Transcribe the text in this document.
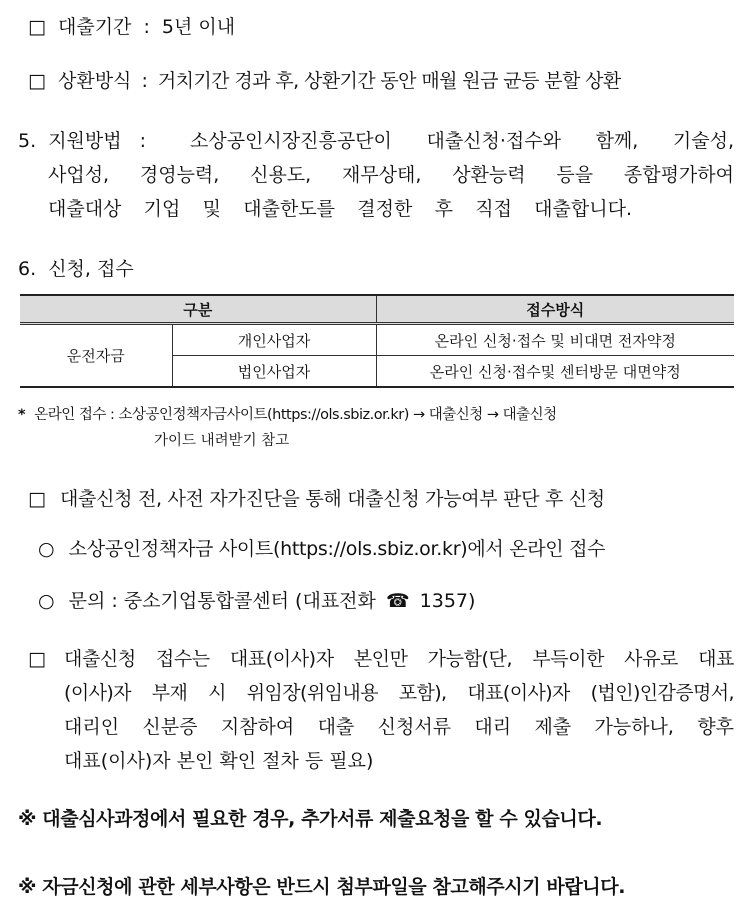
□ 대출기간 : 5년 이내
□ 상환방식 : 거치기간 경과 후, 상환기간 동안 매월 원금 균등 분할 상환
5. 지원방법 :	소상공인시장진흥공단이 대출신청·접수와 함께, 기술성,
사업성, 경영능력, 신용도, 재무상태, 상환능력 등을 종합평가하여
대출대상 기업 및 대출한도를 결정한 후 직접 대출합니다.
6. 신청, 접수
구분		접수방식
운전자금	개인사업자	온라인 신청·접수 및 비대면 전자약정
	법인사업자	온라인 신청·접수및 센터방문 대면약정
* 온라인 접수 : 소상공인정책자금사이트(https://ols.sbiz.or.kr) → 대출신청 → 대출신청
가이드 내려받기 참고
□ 대출신청 전, 사전 자가진단을 통해 대출신청 가능여부 판단 후 신청
○ 소상공인정책자금 사이트(https://ols.sbiz.or.kr)에서 온라인 접수
○ 문의 : 중소기업통합콜센터 (대표전화 ☎ 1357)
□ 대출신청 접수는 대표(이사)자 본인만 가능함(단, 부득이한 사유로 대표
(이사)자 부재 시 위임장(위임내용 포함), 대표(이사)자 (법인)인감증명서,
대리인 신분증 지참하여 대출 신청서류 대리 제출 가능하나, 향후
대표(이사)자 본인 확인 절차 등 필요)
※ 대출심사과정에서 필요한 경우, 추가서류 제출요청을 할 수 있습니다.
※ 자금신청에 관한 세부사항은 반드시 첨부파일을 참고해주시기 바랍니다.
